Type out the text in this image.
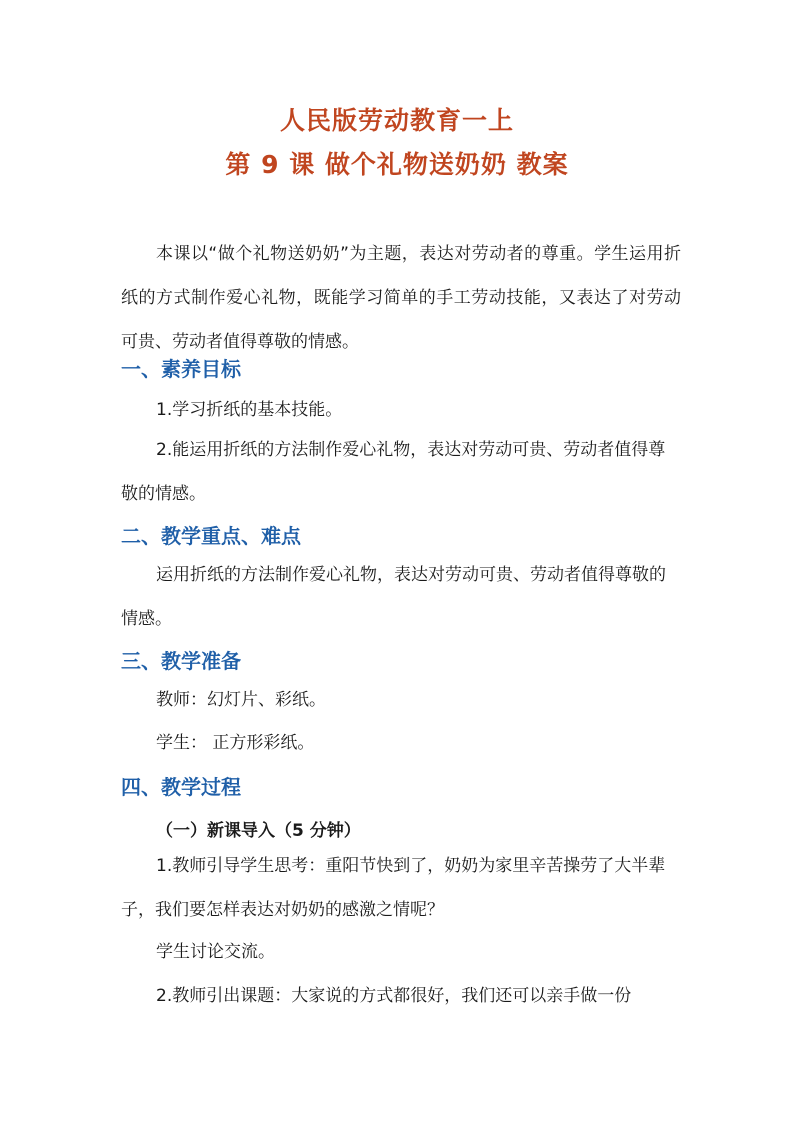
人民版劳动教育一上
第 9 课 做个礼物送奶奶 教案

本课以“做个礼物送奶奶”为主题，表达对劳动者的尊重。学生运用折纸的方式制作爱心礼物，既能学习简单的手工劳动技能，又表达了对劳动可贵、劳动者值得尊敬的情感。

一、素养目标

1.学习折纸的基本技能。

2.能运用折纸的方法制作爱心礼物，表达对劳动可贵、劳动者值得尊敬的情感。

二、教学重点、难点

运用折纸的方法制作爱心礼物，表达对劳动可贵、劳动者值得尊敬的情感。

三、教学准备

教师：幻灯片、彩纸。

学生： 正方形彩纸。

四、教学过程

（一）新课导入（5 分钟）

1.教师引导学生思考：重阳节快到了，奶奶为家里辛苦操劳了大半辈子，我们要怎样表达对奶奶的感激之情呢？

学生讨论交流。

2.教师引出课题：大家说的方式都很好，我们还可以亲手做一份
